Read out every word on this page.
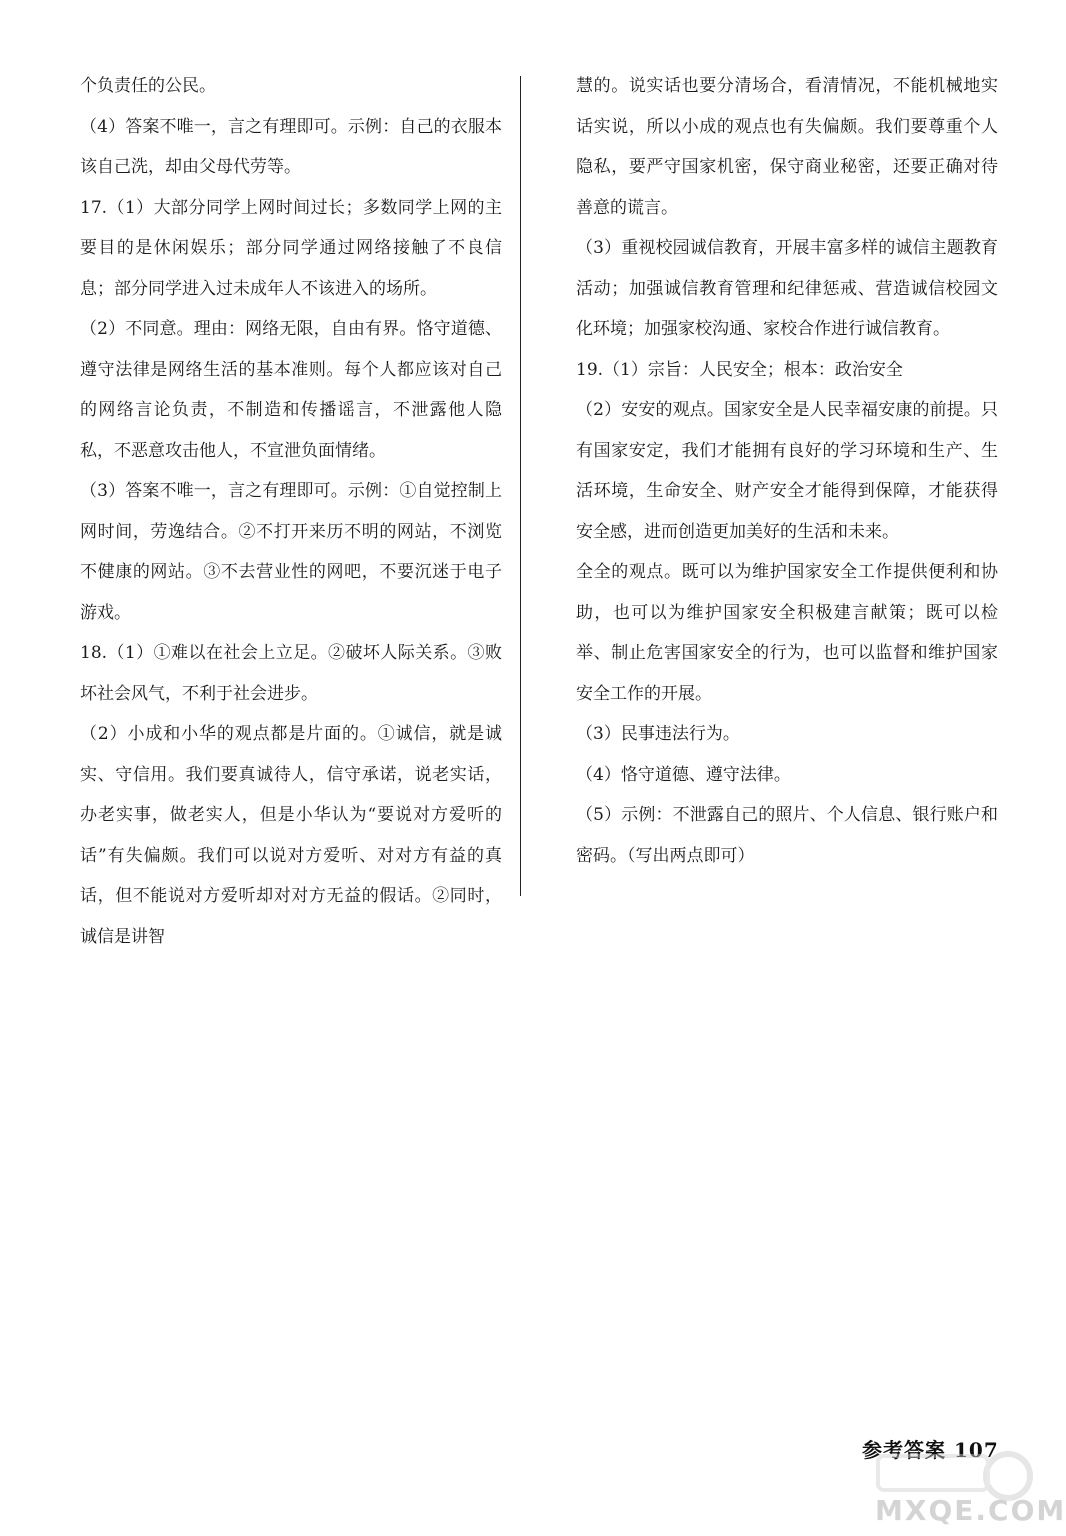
个负责任的公民。

（4）答案不唯一，言之有理即可。示例：自己的衣服本该自己洗，却由父母代劳等。

17.（1）大部分同学上网时间过长；多数同学上网的主要目的是休闲娱乐；部分同学通过网络接触了不良信息；部分同学进入过未成年人不该进入的场所。

（2）不同意。理由：网络无限，自由有界。恪守道德、遵守法律是网络生活的基本准则。每个人都应该对自己的网络言论负责，不制造和传播谣言，不泄露他人隐私，不恶意攻击他人，不宣泄负面情绪。

（3）答案不唯一，言之有理即可。示例：①自觉控制上网时间，劳逸结合。②不打开来历不明的网站，不浏览不健康的网站。③不去营业性的网吧，不要沉迷于电子游戏。

18.（1）①难以在社会上立足。②破坏人际关系。③败坏社会风气，不利于社会进步。

（2）小成和小华的观点都是片面的。①诚信，就是诚实、守信用。我们要真诚待人，信守承诺，说老实话，办老实事，做老实人，但是小华认为“要说对方爱听的话”有失偏颇。我们可以说对方爱听、对对方有益的真话，但不能说对方爱听却对对方无益的假话。②同时，诚信是讲智

慧的。说实话也要分清场合，看清情况，不能机械地实话实说，所以小成的观点也有失偏颇。我们要尊重个人隐私，要严守国家机密，保守商业秘密，还要正确对待善意的谎言。

（3）重视校园诚信教育，开展丰富多样的诚信主题教育活动；加强诚信教育管理和纪律惩戒、营造诚信校园文化环境；加强家校沟通、家校合作进行诚信教育。

19.（1）宗旨：人民安全；根本：政治安全

（2）安安的观点。国家安全是人民幸福安康的前提。只有国家安定，我们才能拥有良好的学习环境和生产、生活环境，生命安全、财产安全才能得到保障，才能获得安全感，进而创造更加美好的生活和未来。

全全的观点。既可以为维护国家安全工作提供便利和协助，也可以为维护国家安全积极建言献策；既可以检举、制止危害国家安全的行为，也可以监督和维护国家安全工作的开展。

（3）民事违法行为。

（4）恪守道德、遵守法律。

（5）示例：不泄露自己的照片、个人信息、银行账户和密码。（写出两点即可）

参考答案 107
MXQE.COM
